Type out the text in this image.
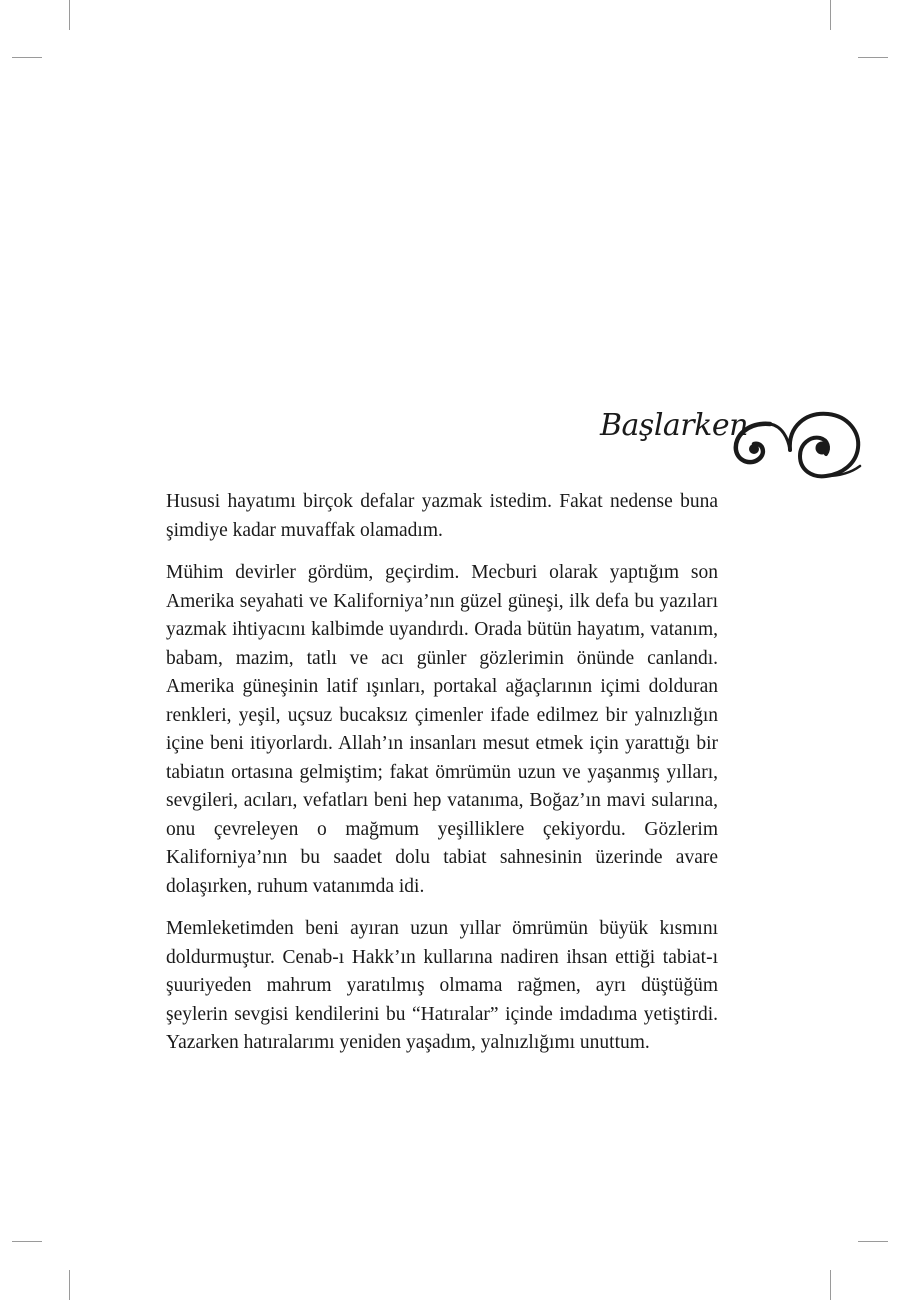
Başlarken

Hususi hayatımı birçok defalar yazmak istedim. Fakat nedense buna şimdiye kadar muvaffak olamadım.

Mühim devirler gördüm, geçirdim. Mecburi olarak yaptığım son Amerika seyahati ve Kaliforniya’nın güzel güneşi, ilk defa bu yazıları yazmak ihtiyacını kalbimde uyandırdı. Orada bütün hayatım, vatanım, babam, mazim, tatlı ve acı günler gözlerimin önünde canlandı. Amerika güneşinin latif ışınları, portakal ağaçlarının içimi dolduran renkleri, yeşil, uçsuz bucaksız çimenler ifade edilmez bir yalnızlığın içine beni itiyorlardı. Allah’ın insanları mesut etmek için yarattığı bir tabiatın ortasına gelmiştim; fakat ömrümün uzun ve yaşanmış yılları, sevgileri, acıları, vefatları beni hep vatanıma, Boğaz’ın mavi sularına, onu çevreleyen o mağmum yeşilliklere çekiyordu. Gözlerim Kaliforniya’nın bu saadet dolu tabiat sahnesinin üzerinde avare dolaşırken, ruhum vatanımda idi.

Memleketimden beni ayıran uzun yıllar ömrümün büyük kısmını doldurmuştur. Cenab-ı Hakk’ın kullarına nadiren ihsan ettiği tabiat-ı şuuriyeden mahrum yaratılmış olmama rağmen, ayrı düştüğüm şeylerin sevgisi kendilerini bu “Hatıralar” içinde imdadıma yetiştirdi. Yazarken hatıralarımı yeniden yaşadım, yalnızlığımı unuttum.
